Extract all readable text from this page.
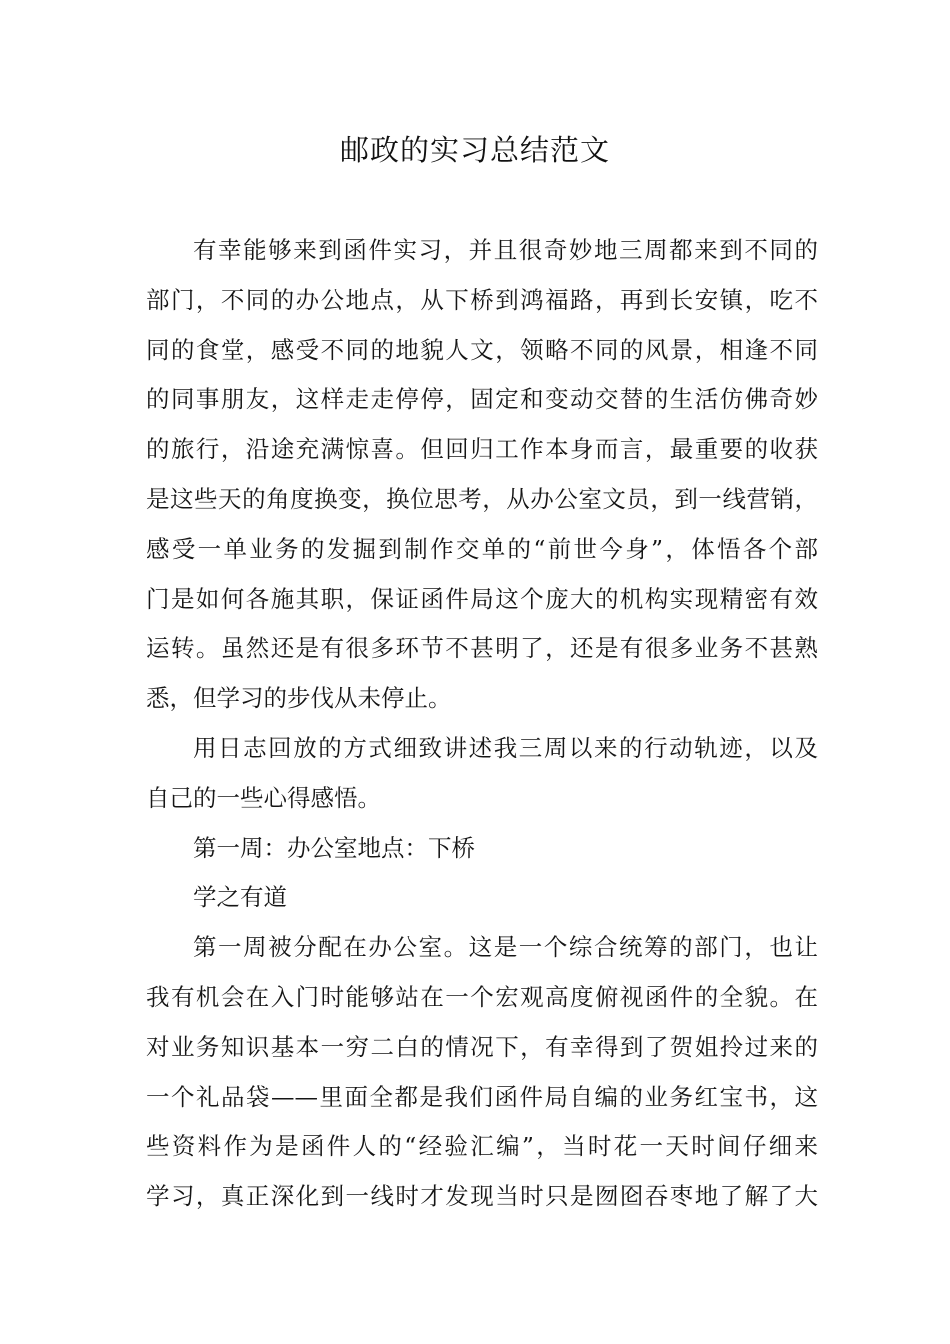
邮政的实习总结范文
有幸能够来到函件实习，并且很奇妙地三周都来到不同的
部门，不同的办公地点，从下桥到鸿福路，再到长安镇，吃不
同的食堂，感受不同的地貌人文，领略不同的风景，相逢不同
的同事朋友，这样走走停停，固定和变动交替的生活仿佛奇妙
的旅行，沿途充满惊喜。但回归工作本身而言，最重要的收获
是这些天的角度换变，换位思考，从办公室文员，到一线营销，
感受一单业务的发掘到制作交单的“前世今身”，体悟各个部
门是如何各施其职，保证函件局这个庞大的机构实现精密有效
运转。虽然还是有很多环节不甚明了，还是有很多业务不甚熟
悉，但学习的步伐从未停止。
用日志回放的方式细致讲述我三周以来的行动轨迹，以及
自己的一些心得感悟。
第一周：办公室地点：下桥
学之有道
第一周被分配在办公室。这是一个综合统筹的部门，也让
我有机会在入门时能够站在一个宏观高度俯视函件的全貌。在
对业务知识基本一穷二白的情况下，有幸得到了贺姐拎过来的
一个礼品袋——里面全都是我们函件局自编的业务红宝书，这
些资料作为是函件人的“经验汇编”，当时花一天时间仔细来
学习，真正深化到一线时才发现当时只是囫囵吞枣地了解了大
